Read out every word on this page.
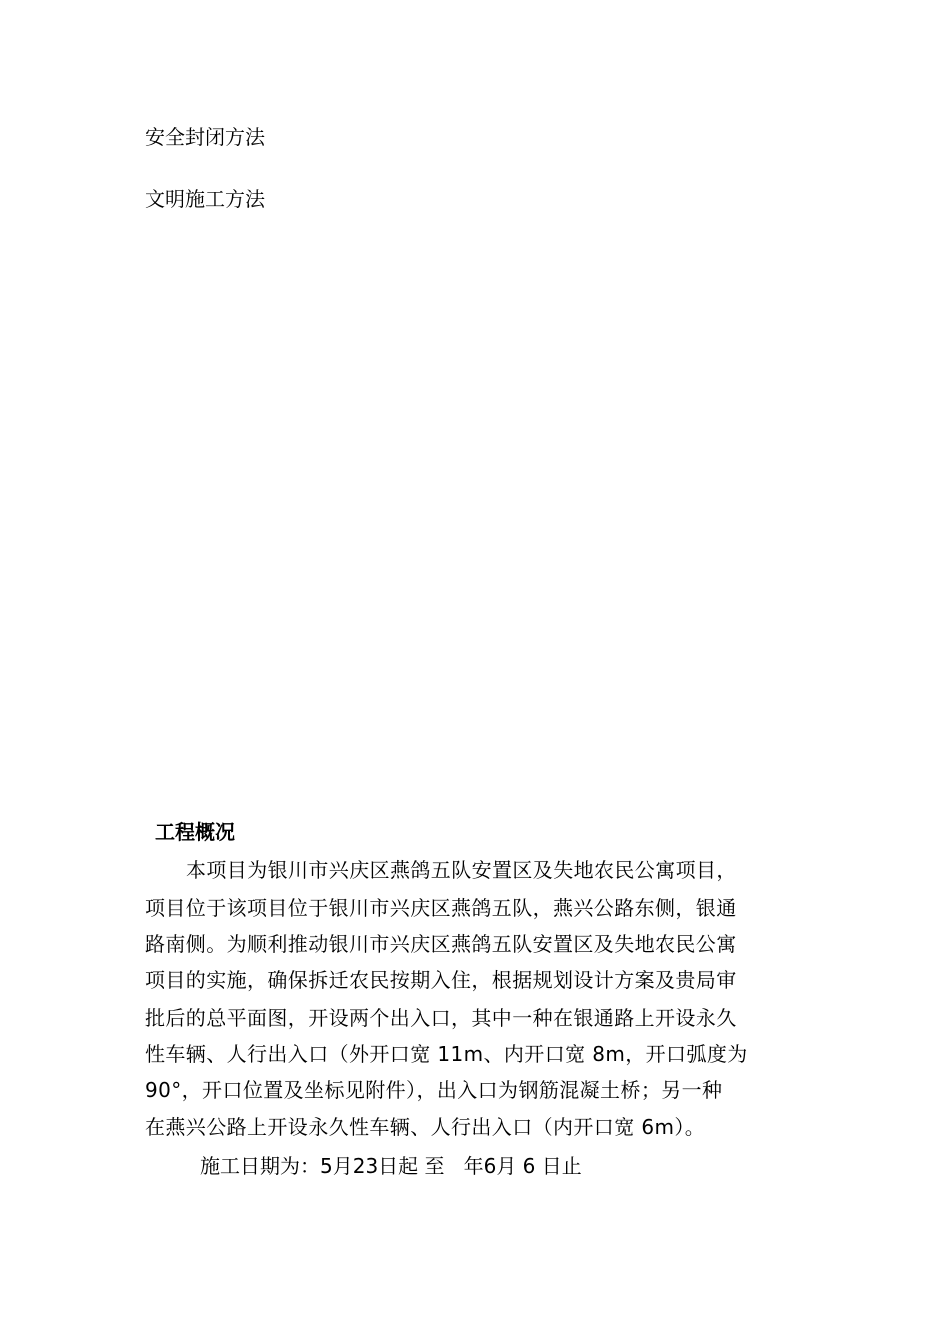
安全封闭方法
文明施工方法
工程概况
本项目为银川市兴庆区燕鸽五队安置区及失地农民公寓项目，
项目位于该项目位于银川市兴庆区燕鸽五队，燕兴公路东侧，银通
路南侧。为顺利推动银川市兴庆区燕鸽五队安置区及失地农民公寓
项目的实施，确保拆迁农民按期入住，根据规划设计方案及贵局审
批后的总平面图，开设两个出入口，其中一种在银通路上开设永久
性车辆、人行出入口（外开口宽 11m、内开口宽 8m，开口弧度为
90°，开口位置及坐标见附件），出入口为钢筋混凝土桥；另一种
在燕兴公路上开设永久性车辆、人行出入口（内开口宽 6m）。
施工日期为：5月23日起 至   年6月 6 日止
